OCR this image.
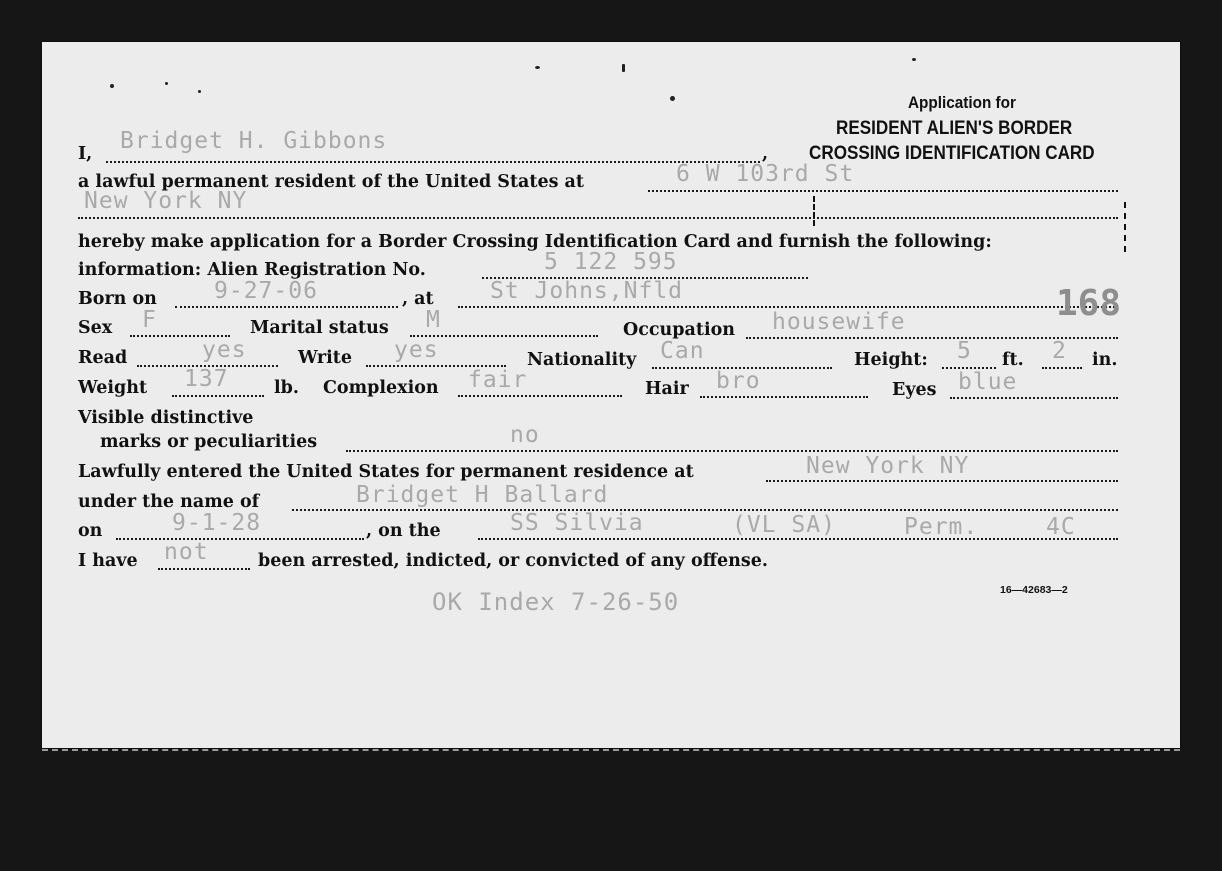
Application for
RESIDENT ALIEN'S BORDER
CROSSING IDENTIFICATION CARD
I, Bridget H. Gibbons	,
a lawful permanent resident of the United States at	6 W 103rd St
New York NY
hereby make application for a Border Crossing Identification Card and furnish the following:
information: Alien Registration No.	5 122 595
Born on 9-27-06	, at St Johns,Nfld	168
Sex F	Marital status M	Occupation housewife
Read	yes	Write yes	Nationality Can	Height: 5 ft. 2 in.
Weight 137	lb. Complexion fair	Hair bro	Eyes blue
Visible distinctive
marks or peculiarities	no
Lawfully entered the United States for permanent residence at	New York NY
under the name of	Bridget H Ballard
on	9-1-28	, on the	SS Silvia	(VL SA)	Perm.	4C
I have not	been arrested, indicted, or convicted of any offense.
16—42683—2
OK Index 7-26-50
